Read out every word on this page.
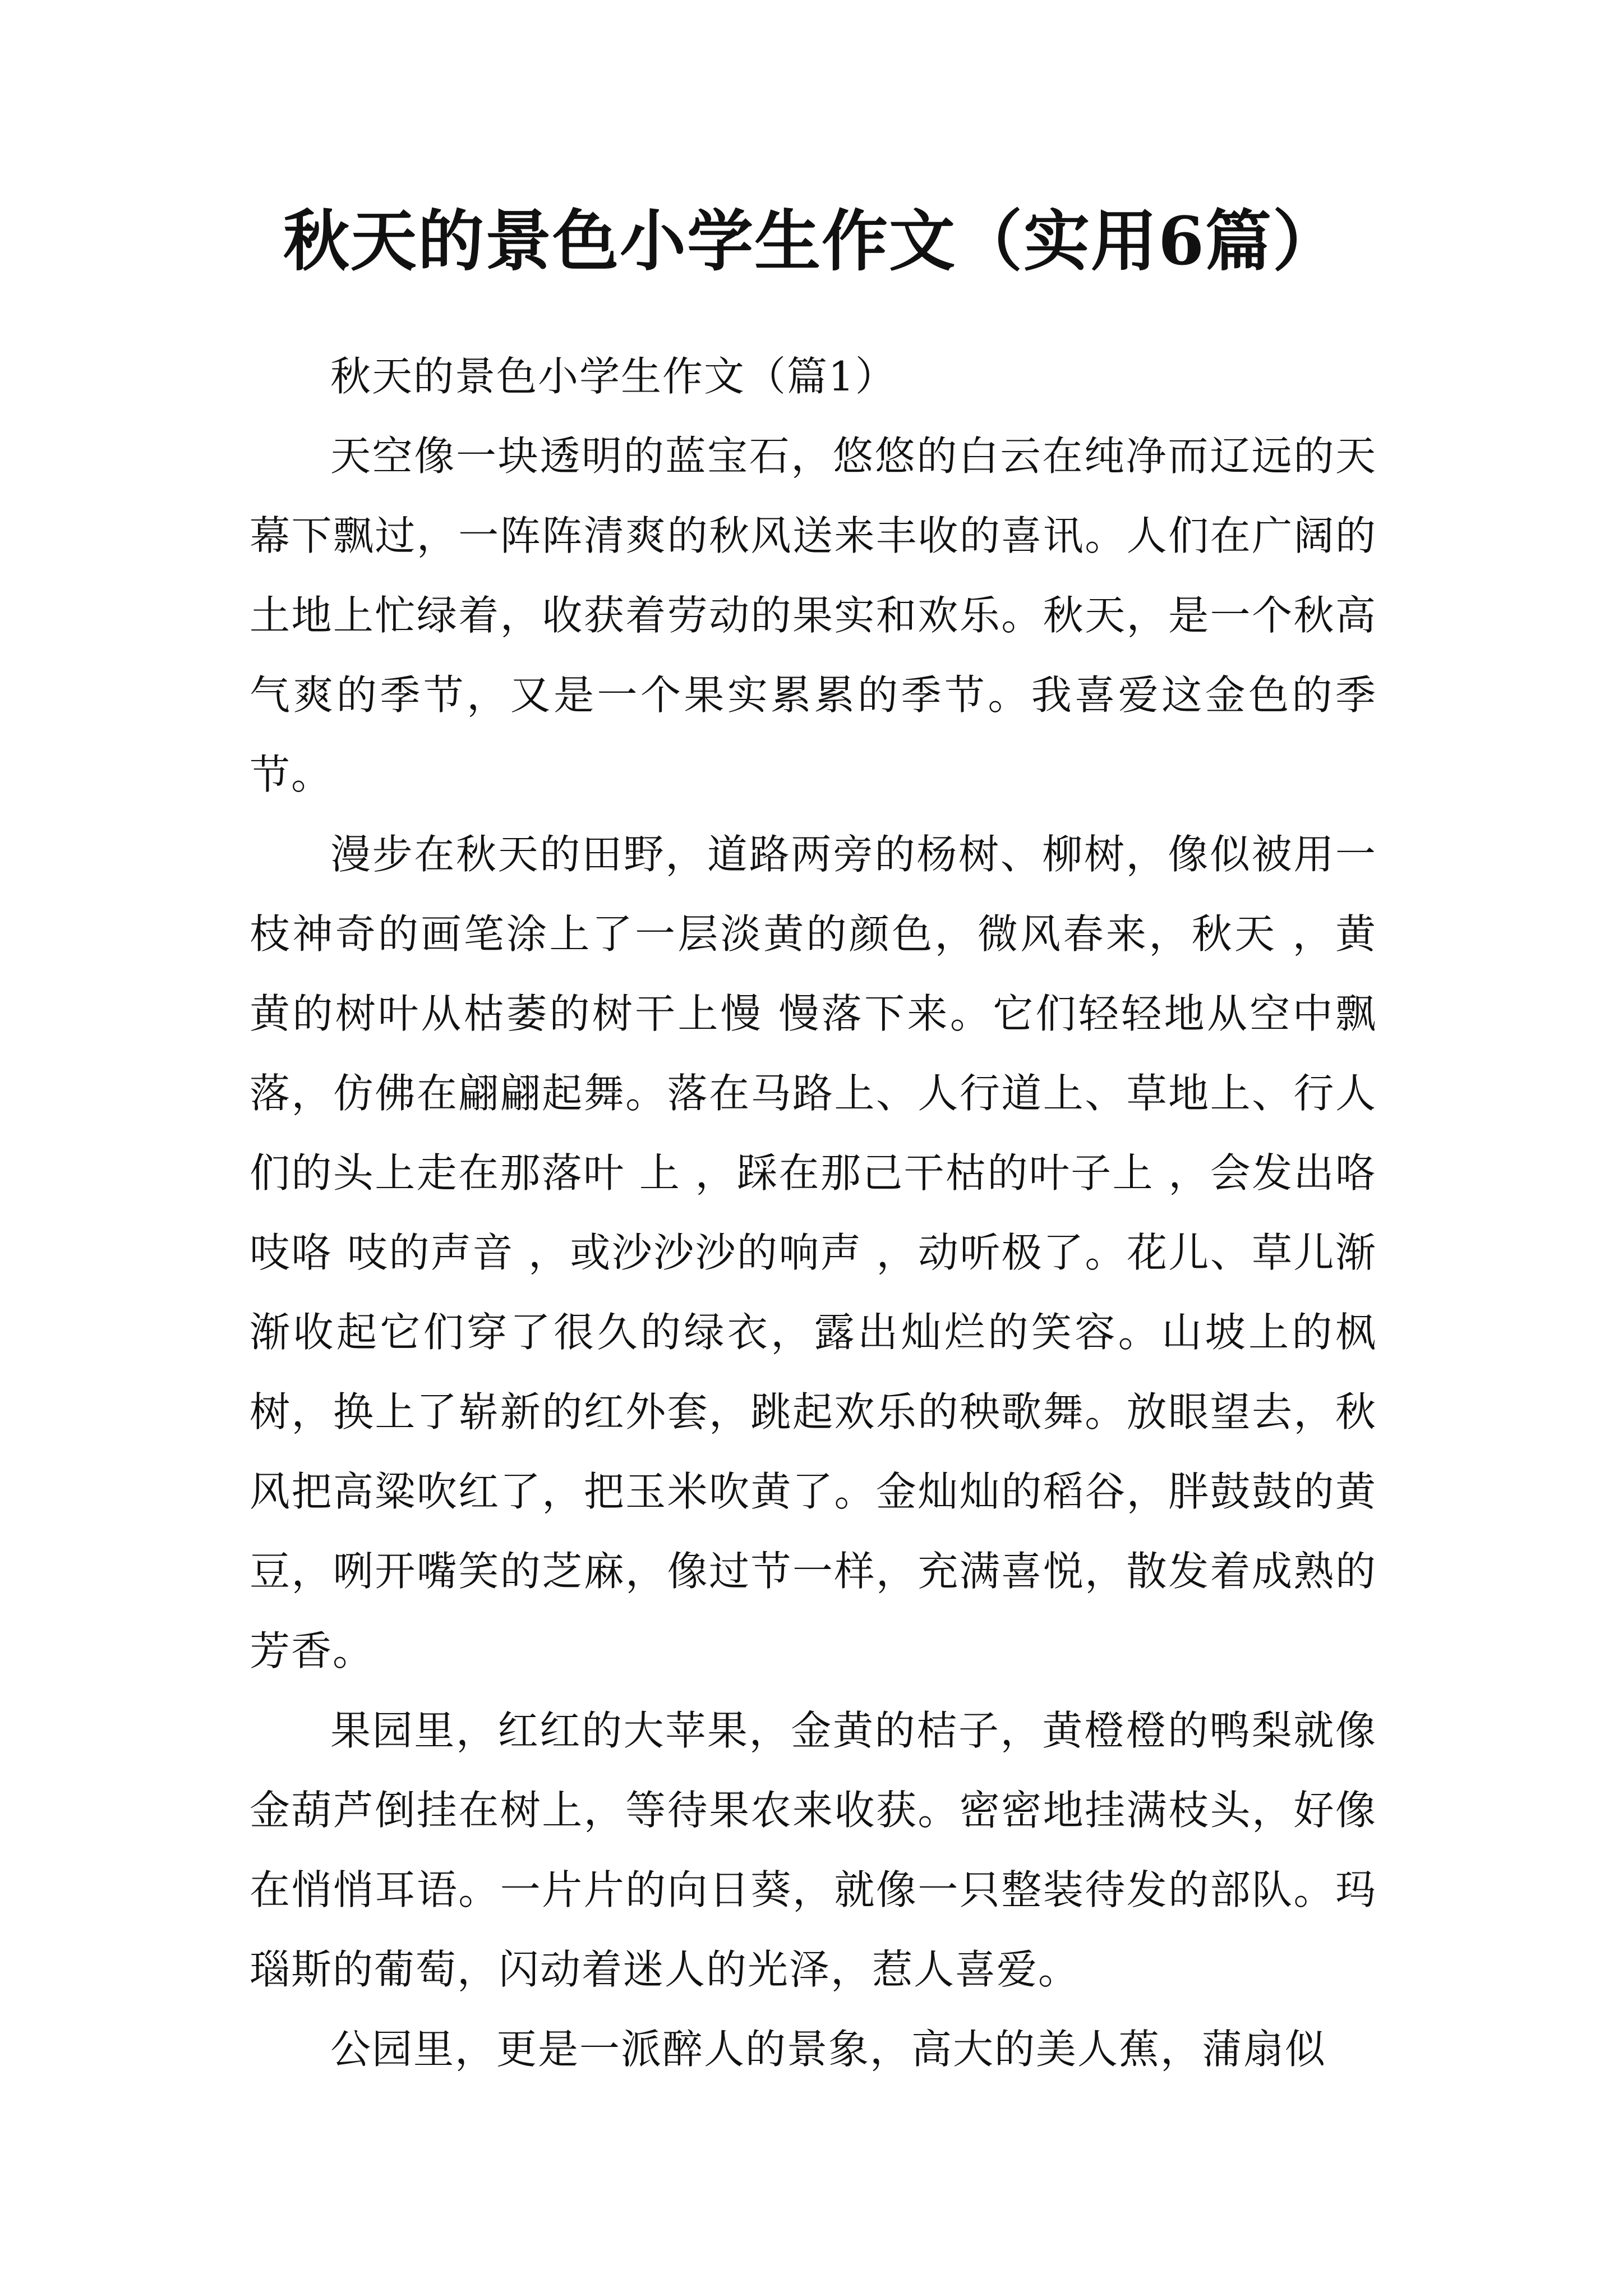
秋天的景色小学生作文（实用6篇）

秋天的景色小学生作文（篇1）

天空像一块透明的蓝宝石，悠悠的白云在纯净而辽远的天幕下飘过，一阵阵清爽的秋风送来丰收的喜讯。人们在广阔的土地上忙绿着，收获着劳动的果实和欢乐。秋天，是一个秋高气爽的季节，又是一个果实累累的季节。我喜爱这金色的季节。

漫步在秋天的田野，道路两旁的杨树、柳树，像似被用一枝神奇的画笔涂上了一层淡黄的颜色，微风春来，秋天 ，黄黄的树叶从枯萎的树干上慢 慢落下来。它们轻轻地从空中飘落，仿佛在翩翩起舞。落在马路上、人行道上、草地上、行人们的头上走在那落叶 上 ，踩在那己干枯的叶子上 ，会发出咯吱咯 吱的声音 ，或沙沙沙的响声 ，动听极了。花儿、草儿渐渐收起它们穿了很久的绿衣，露出灿烂的笑容。山坡上的枫树，换上了崭新的红外套，跳起欢乐的秧歌舞。放眼望去，秋风把高粱吹红了，把玉米吹黄了。金灿灿的稻谷，胖鼓鼓的黄豆，咧开嘴笑的芝麻，像过节一样，充满喜悦，散发着成熟的芳香。

果园里，红红的大苹果，金黄的桔子，黄橙橙的鸭梨就像金葫芦倒挂在树上，等待果农来收获。密密地挂满枝头，好像在悄悄耳语。一片片的向日葵，就像一只整装待发的部队。玛瑙斯的葡萄，闪动着迷人的光泽，惹人喜爱。

公园里，更是一派醉人的景象，高大的美人蕉，蒲扇似
